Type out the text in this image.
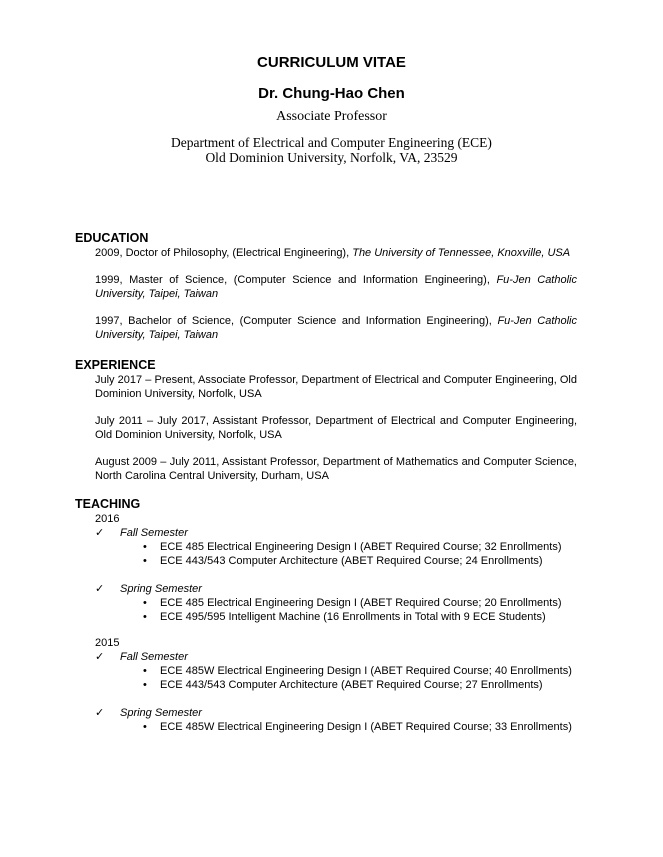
CURRICULUM VITAE
Dr. Chung-Hao Chen
Associate Professor
Department of Electrical and Computer Engineering (ECE)
Old Dominion University, Norfolk, VA, 23529
EDUCATION

2009, Doctor of Philosophy, (Electrical Engineering), The University of Tennessee, Knoxville, USA

1999, Master of Science, (Computer Science and Information Engineering), Fu-Jen Catholic University, Taipei, Taiwan

1997, Bachelor of Science, (Computer Science and Information Engineering), Fu-Jen Catholic University, Taipei, Taiwan

EXPERIENCE

July 2017 – Present, Associate Professor, Department of Electrical and Computer Engineering, Old Dominion University, Norfolk, USA

July 2011 – July 2017, Assistant Professor, Department of Electrical and Computer Engineering, Old Dominion University, Norfolk, USA

August 2009 – July 2011, Assistant Professor, Department of Mathematics and Computer Science, North Carolina Central University, Durham, USA

TEACHING
2016
✓	Fall Semester
•	ECE 485 Electrical Engineering Design I (ABET Required Course; 32 Enrollments)
•	ECE 443/543 Computer Architecture (ABET Required Course; 24 Enrollments)
✓	Spring Semester
•	ECE 485 Electrical Engineering Design I (ABET Required Course; 20 Enrollments)
•	ECE 495/595 Intelligent Machine (16 Enrollments in Total with 9 ECE Students)
2015
✓	Fall Semester
•	ECE 485W Electrical Engineering Design I (ABET Required Course; 40 Enrollments)
•	ECE 443/543 Computer Architecture (ABET Required Course; 27 Enrollments)
✓	Spring Semester
•	ECE 485W Electrical Engineering Design I (ABET Required Course; 33 Enrollments)
